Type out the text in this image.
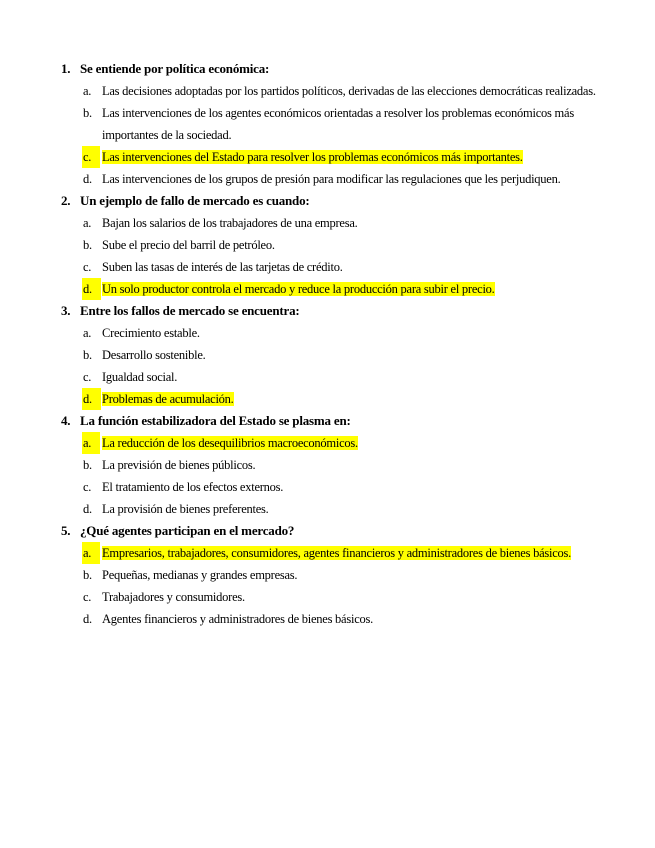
1. Se entiende por política económica:
a. Las decisiones adoptadas por los partidos políticos, derivadas de las elecciones democráticas realizadas.
b. Las intervenciones de los agentes económicos orientadas a resolver los problemas económicos más importantes de la sociedad.
c. Las intervenciones del Estado para resolver los problemas económicos más importantes.
d. Las intervenciones de los grupos de presión para modificar las regulaciones que les perjudiquen.
2. Un ejemplo de fallo de mercado es cuando:
a. Bajan los salarios de los trabajadores de una empresa.
b. Sube el precio del barril de petróleo.
c. Suben las tasas de interés de las tarjetas de crédito.
d. Un solo productor controla el mercado y reduce la producción para subir el precio.
3. Entre los fallos de mercado se encuentra:
a. Crecimiento estable.
b. Desarrollo sostenible.
c. Igualdad social.
d. Problemas de acumulación.
4. La función estabilizadora del Estado se plasma en:
a. La reducción de los desequilibrios macroeconómicos.
b. La previsión de bienes públicos.
c. El tratamiento de los efectos externos.
d. La provisión de bienes preferentes.
5. ¿Qué agentes participan en el mercado?
a. Empresarios, trabajadores, consumidores, agentes financieros y administradores de bienes básicos.
b. Pequeñas, medianas y grandes empresas.
c. Trabajadores y consumidores.
d. Agentes financieros y administradores de bienes básicos.
